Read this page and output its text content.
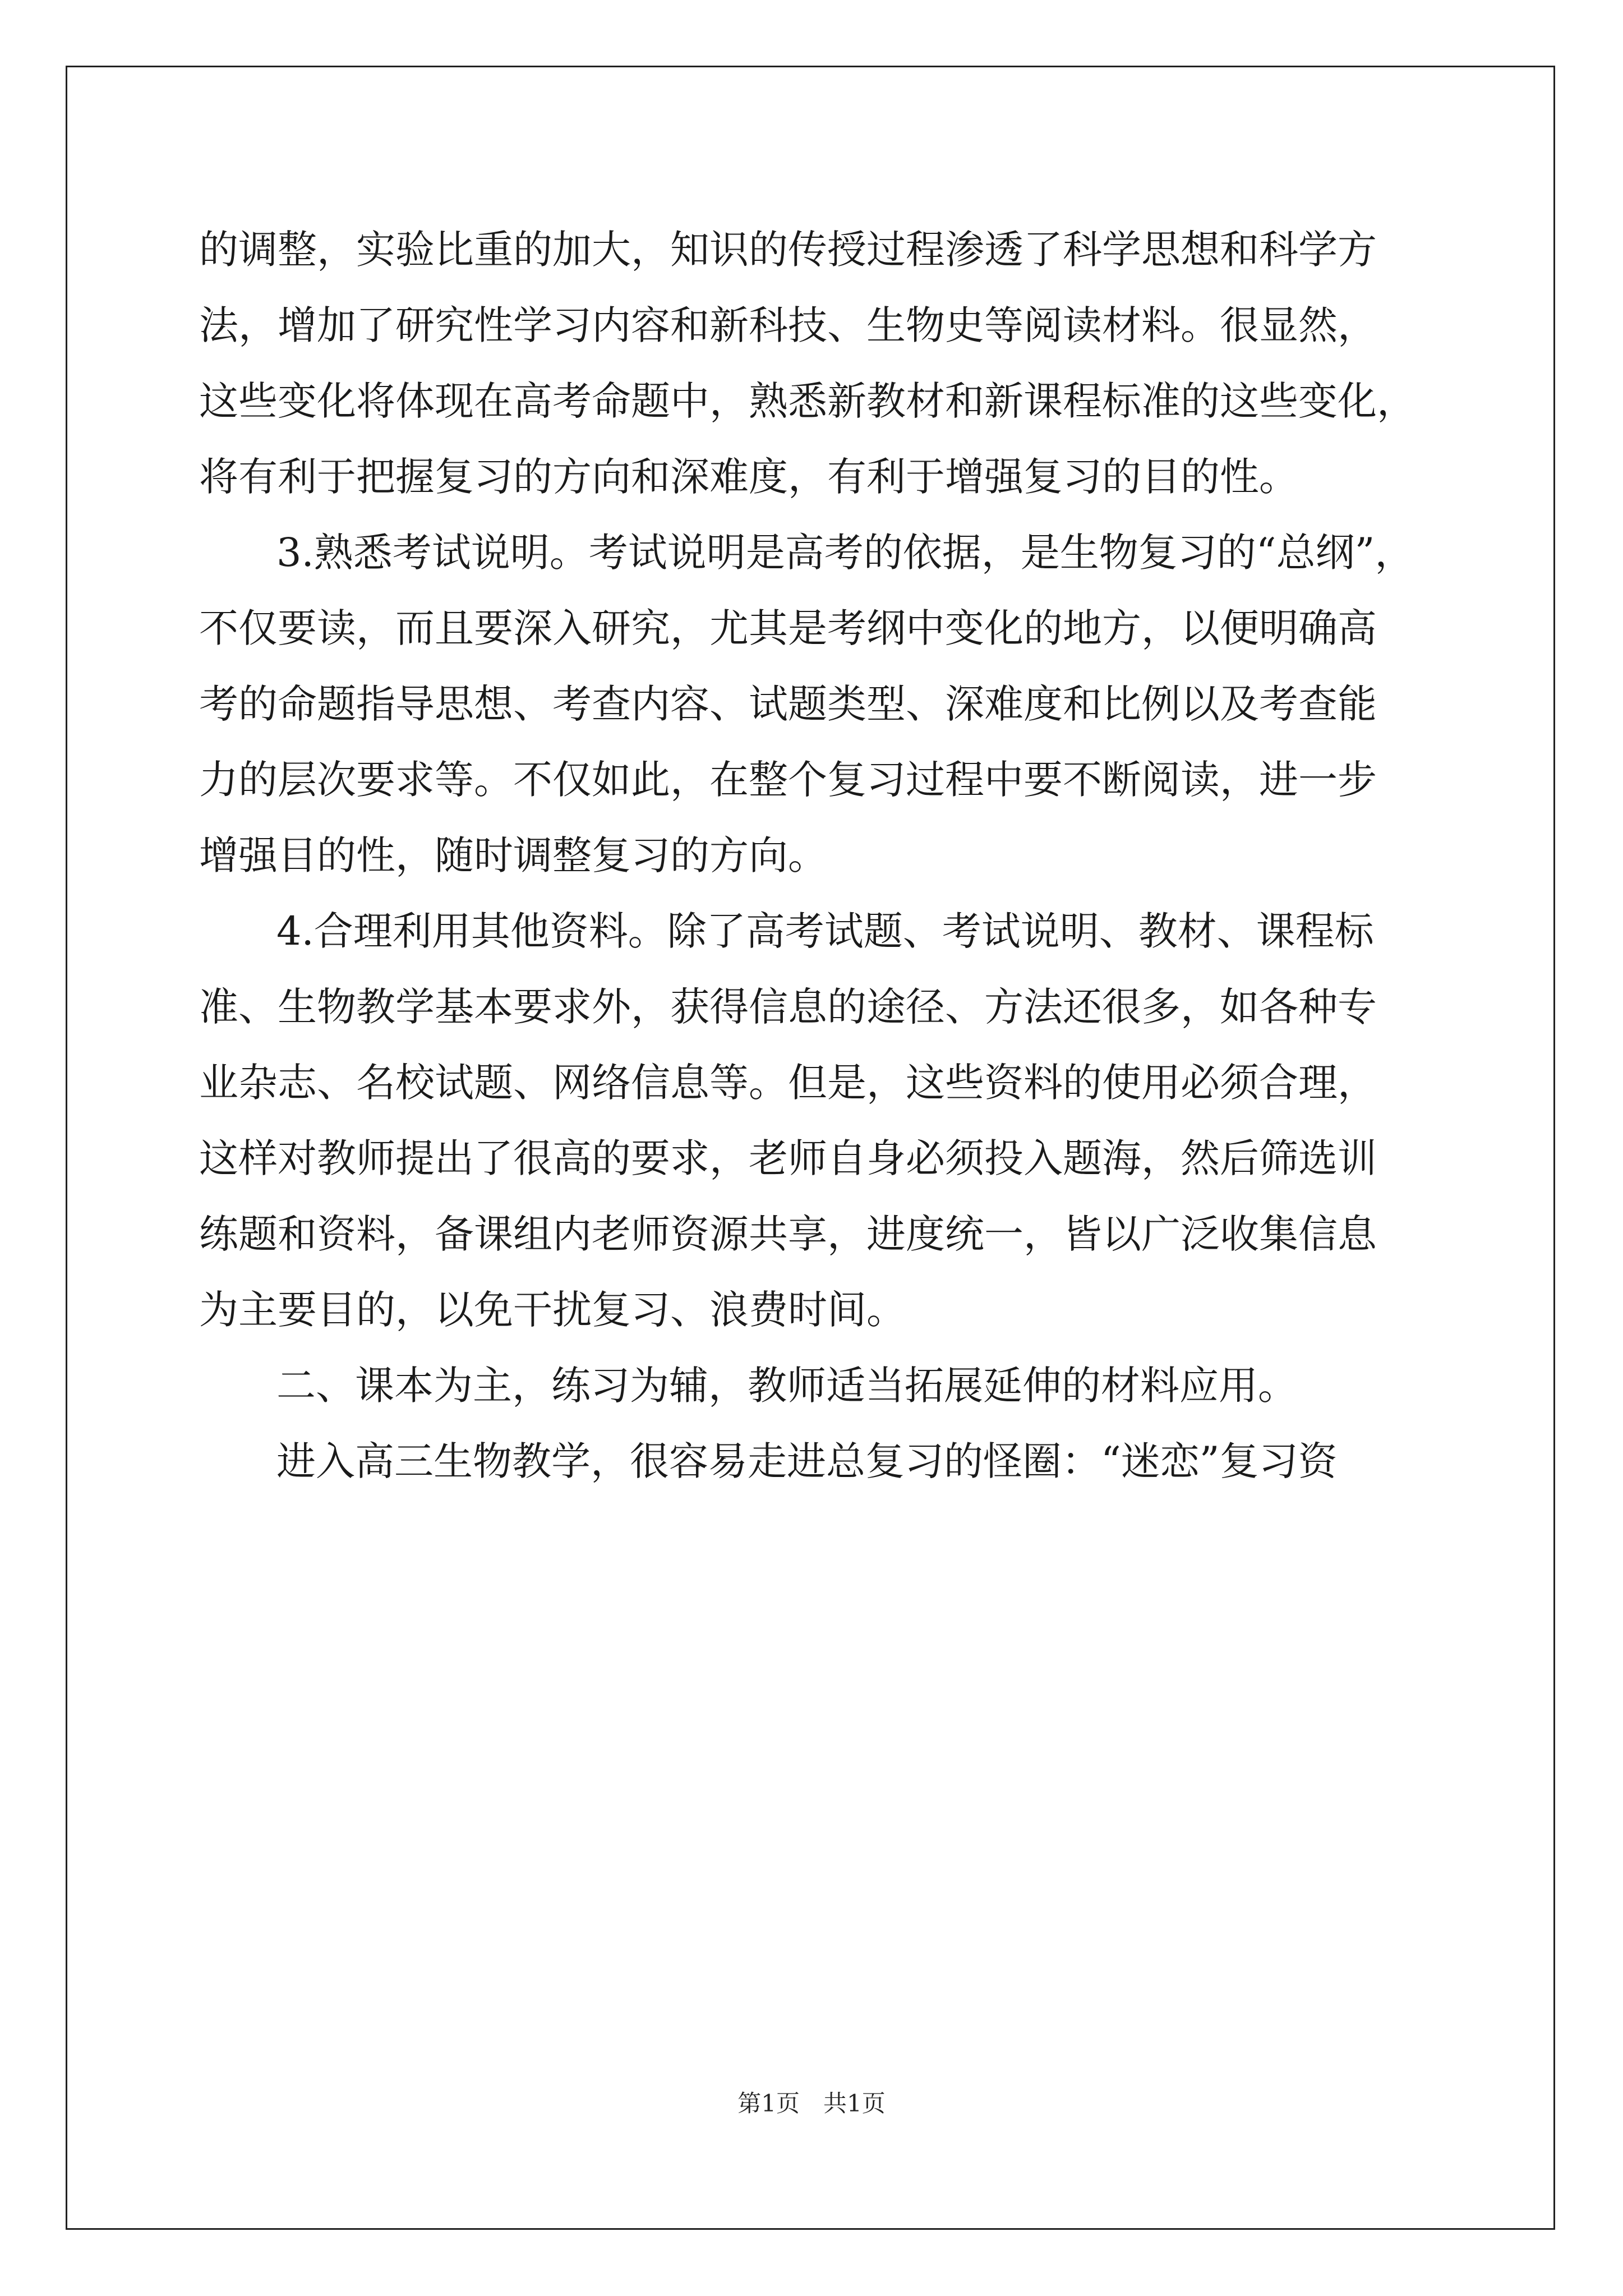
的调整，实验比重的加大，知识的传授过程渗透了科学思想和科学方
法，增加了研究性学习内容和新科技、生物史等阅读材料。很显然，
这些变化将体现在高考命题中，熟悉新教材和新课程标准的这些变化，
将有利于把握复习的方向和深难度，有利于增强复习的目的性。
3.熟悉考试说明。考试说明是高考的依据，是生物复习的“总纲”，
不仅要读，而且要深入研究，尤其是考纲中变化的地方，以便明确高
考的命题指导思想、考查内容、试题类型、深难度和比例以及考查能
力的层次要求等。不仅如此，在整个复习过程中要不断阅读，进一步
增强目的性，随时调整复习的方向。
4.合理利用其他资料。除了高考试题、考试说明、教材、课程标
准、生物教学基本要求外，获得信息的途径、方法还很多，如各种专
业杂志、名校试题、网络信息等。但是，这些资料的使用必须合理，
这样对教师提出了很高的要求，老师自身必须投入题海，然后筛选训
练题和资料，备课组内老师资源共享，进度统一，皆以广泛收集信息
为主要目的，以免干扰复习、浪费时间。
二、课本为主，练习为辅，教师适当拓展延伸的材料应用。
进入高三生物教学，很容易走进总复习的怪圈：“迷恋”复习资
第1页　共1页
